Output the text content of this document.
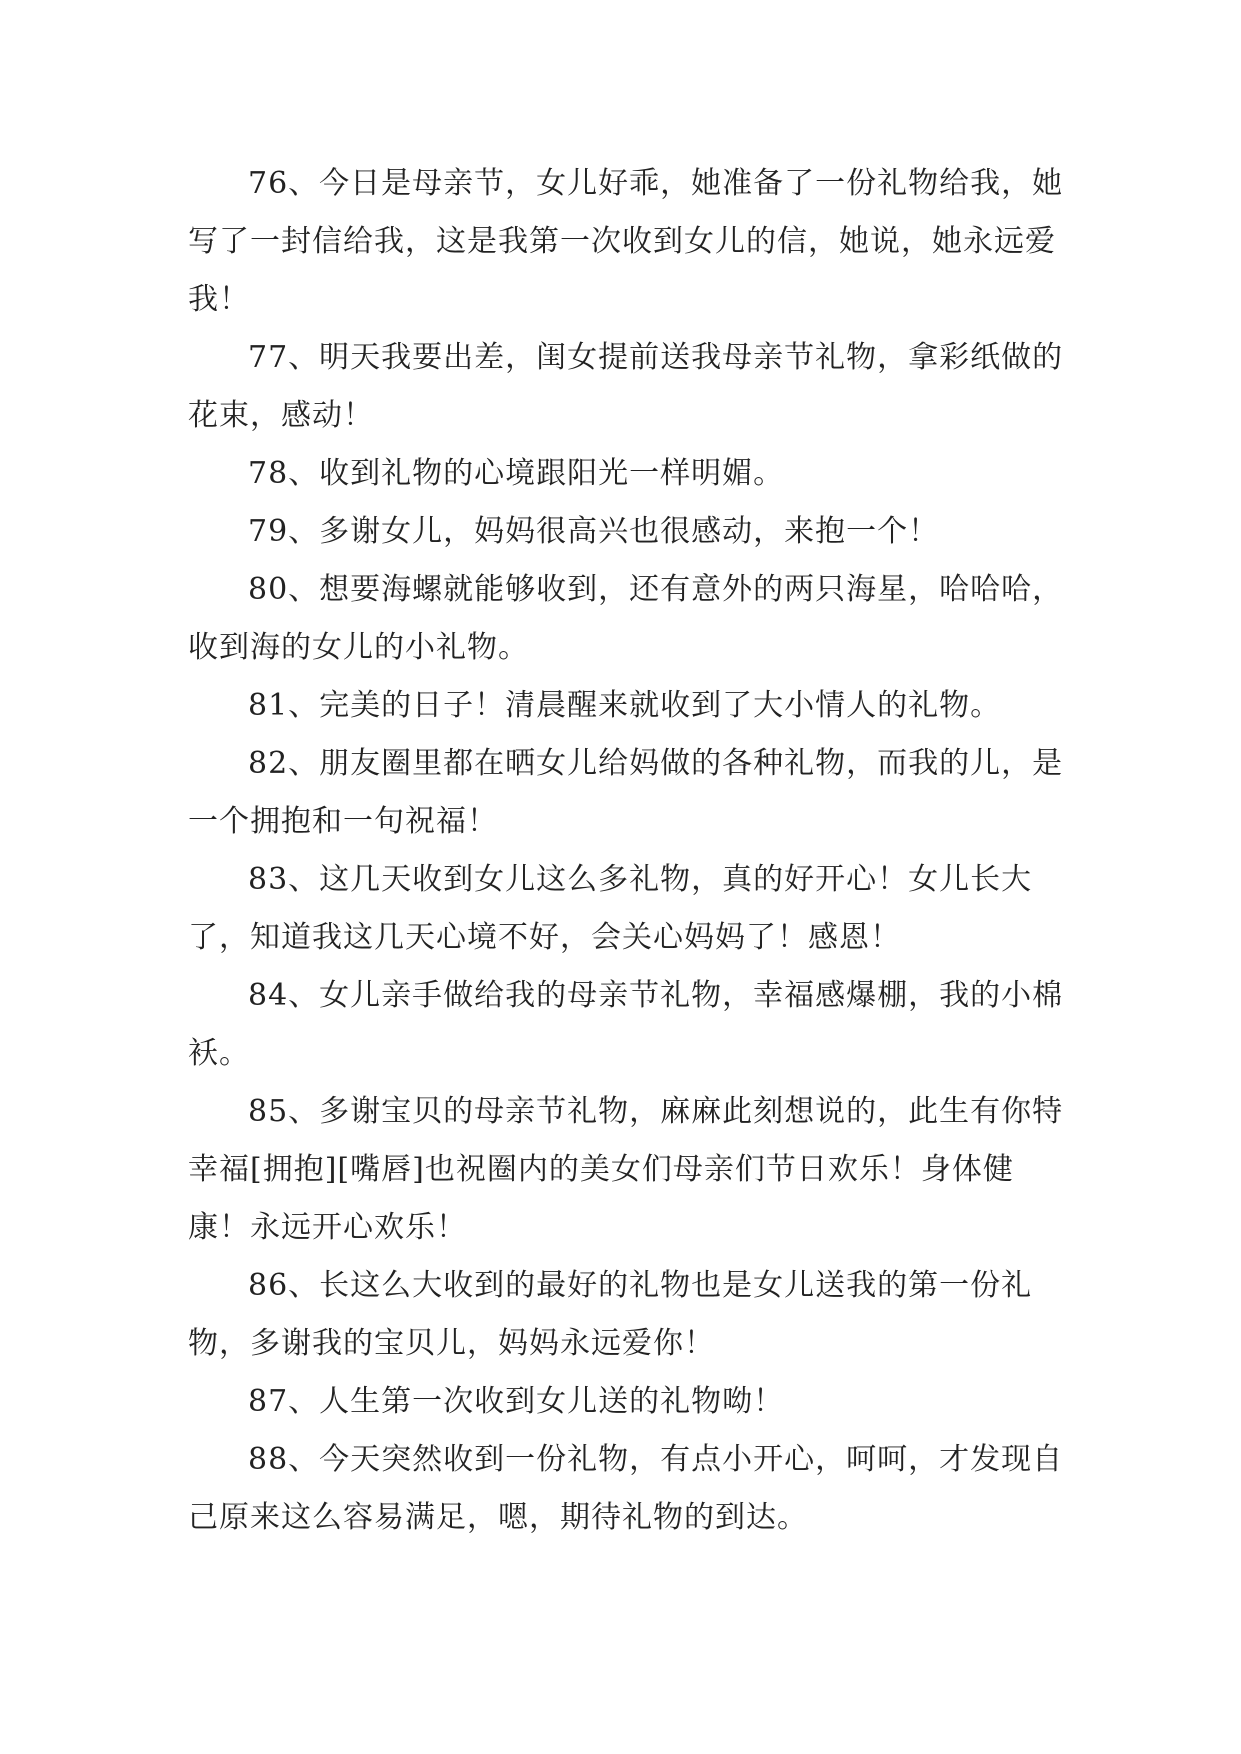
76、今日是母亲节，女儿好乖，她准备了一份礼物给我，她写了一封信给我，这是我第一次收到女儿的信，她说，她永远爱我！

77、明天我要出差，闺女提前送我母亲节礼物，拿彩纸做的花束，感动！

78、收到礼物的心境跟阳光一样明媚。

79、多谢女儿，妈妈很高兴也很感动，来抱一个！

80、想要海螺就能够收到，还有意外的两只海星，哈哈哈，收到海的女儿的小礼物。

81、完美的日子！清晨醒来就收到了大小情人的礼物。

82、朋友圈里都在晒女儿给妈做的各种礼物，而我的儿，是一个拥抱和一句祝福！

83、这几天收到女儿这么多礼物，真的好开心！女儿长大了，知道我这几天心境不好，会关心妈妈了！感恩！

84、女儿亲手做给我的母亲节礼物，幸福感爆棚，我的小棉袄。

85、多谢宝贝的母亲节礼物，麻麻此刻想说的，此生有你特幸福[拥抱][嘴唇]也祝圈内的美女们母亲们节日欢乐！身体健康！永远开心欢乐！

86、长这么大收到的最好的礼物也是女儿送我的第一份礼物，多谢我的宝贝儿，妈妈永远爱你！

87、人生第一次收到女儿送的礼物呦！

88、今天突然收到一份礼物，有点小开心，呵呵，才发现自己原来这么容易满足，嗯，期待礼物的到达。
